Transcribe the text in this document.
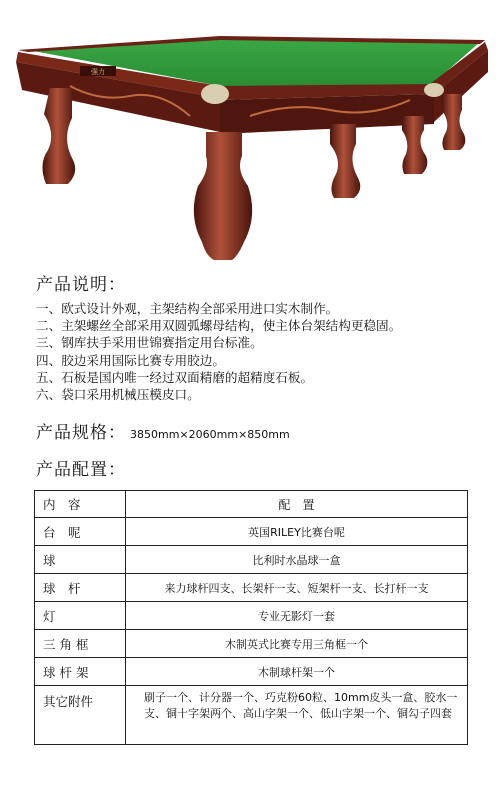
强力
产品说明：
一、欧式设计外观，主架结构全部采用进口实木制作。
二、主架螺丝全部采用双圆弧螺母结构，使主体台架结构更稳固。
三、钢库扶手采用世锦赛指定用台标准。
四、胶边采用国际比赛专用胶边。
五、石板是国内唯一经过双面精磨的超精度石板。
六、袋口采用机械压模皮口。
产品规格： 3850mm×2060mm×850mm
产品配置：
内　容	配　置
台　呢	英国RILEY比赛台呢
球	比利时水晶球一盒
球　杆	来力球杆四支、长架杆一支、短架杆一支、长打杆一支
灯	专业无影灯一套
三 角 框	木制英式比赛专用三角框一个
球 杆 架	木制球杆架一个
其它附件	刷子一个、计分器一个、巧克粉60粒、10mm皮头一盒、胶水一支、铜十字架两个、高山字架一个、低山字架一个、铜勾子四套
